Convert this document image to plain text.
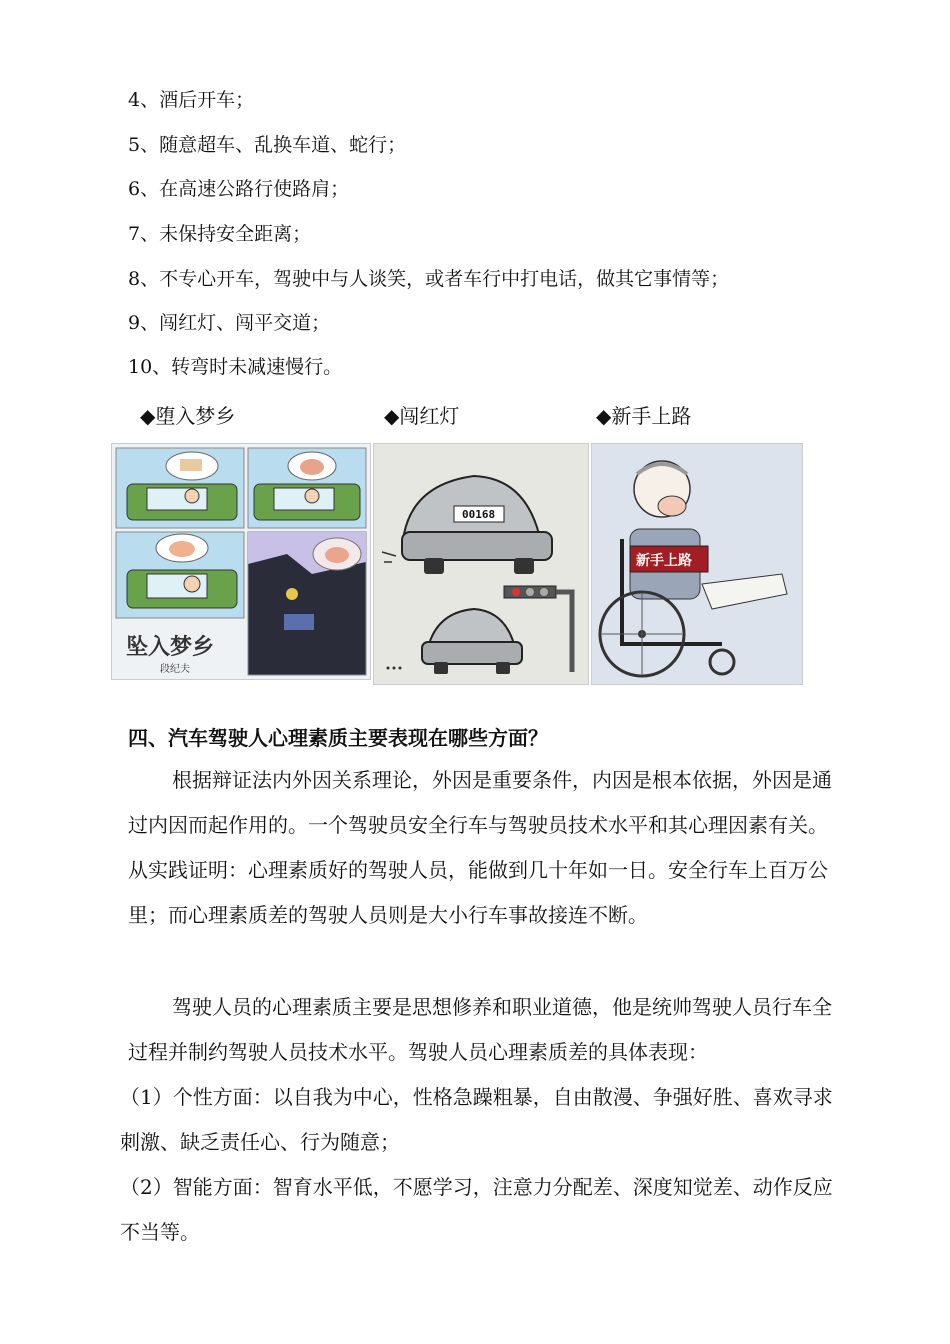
4、酒后开车；
5、随意超车、乱换车道、蛇行；
6、在高速公路行使路肩；
7、未保持安全距离；
8、不专心开车，驾驶中与人谈笑，或者车行中打电话，做其它事情等；
9、闯红灯、闯平交道；
10、转弯时未减速慢行。
◆堕入梦乡	◆闯红灯	◆新手上路
坠入梦乡
段纪夫
00168
新手上路
四、汽车驾驶人心理素质主要表现在哪些方面？
根据辩证法内外因关系理论，外因是重要条件，内因是根本依据，外因是通过内因而起作用的。一个驾驶员安全行车与驾驶员技术水平和其心理因素有关。从实践证明：心理素质好的驾驶人员，能做到几十年如一日。安全行车上百万公里；而心理素质差的驾驶人员则是大小行车事故接连不断。
驾驶人员的心理素质主要是思想修养和职业道德，他是统帅驾驶人员行车全过程并制约驾驶人员技术水平。驾驶人员心理素质差的具体表现：
（1）个性方面：以自我为中心，性格急躁粗暴，自由散漫、争强好胜、喜欢寻求刺激、缺乏责任心、行为随意；
（2）智能方面：智育水平低，不愿学习，注意力分配差、深度知觉差、动作反应不当等。
